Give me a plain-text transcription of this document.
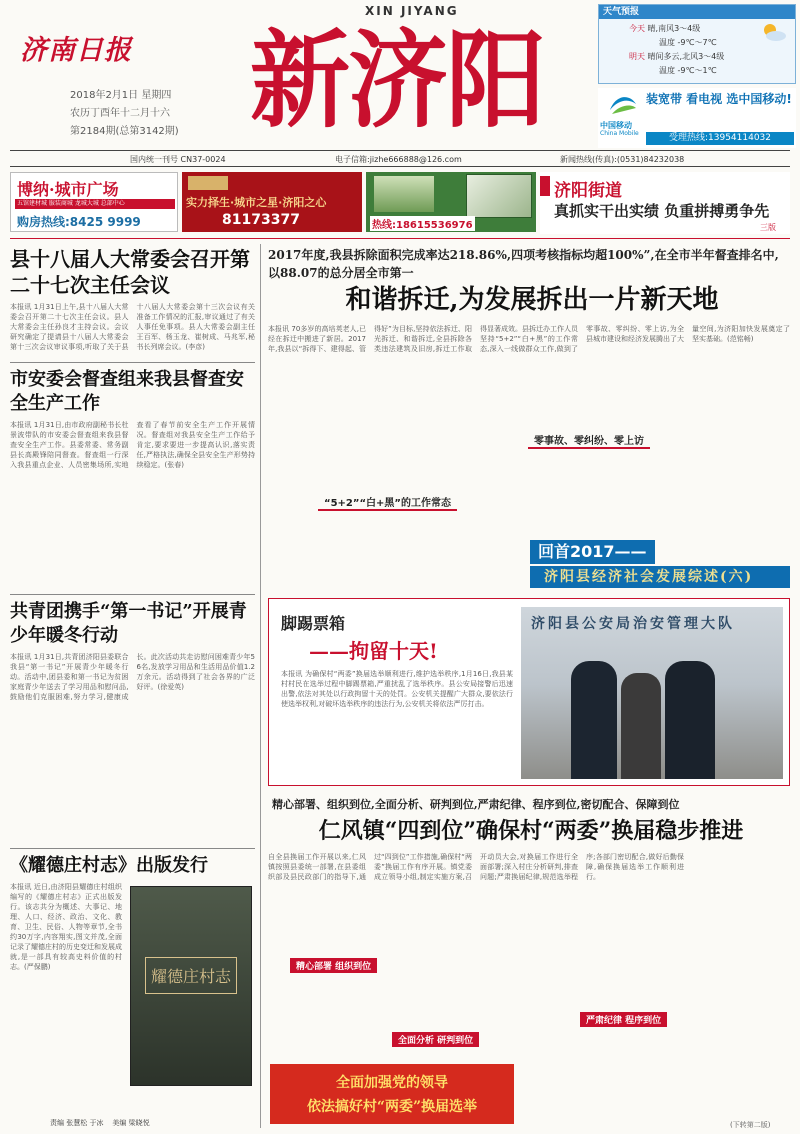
济南日报
2018年2月1日 星期四
农历丁酉年十二月十六
第2184期(总第3142期)
XIN JIYANG
新济阳
天气预报
今天 晴,南风3～4级
温度 -9℃～7℃
明天 晴间多云,北风3～4级
温度 -9℃～1℃
中国移动
China Mobile
装宽带 看电视 选中国移动!
受理热线:13954114032
国内统一刊号 CN37-0024	电子信箱:jizhe666888@126.com	新闻热线(传真):(0531)84232038
博纳·城市广场
五馆建材城 服装商城 龙城大城 总部中心
购房热线:8425 9999
实力择生·城市之星·济阳之心
81173377	热线:18615536976
济阳街道
真抓实干出实绩 负重拼搏勇争先
三版
县十八届人大常委会召开第二十七次主任会议
本报讯 1月31日上午,县十八届人大常委会召开第二十七次主任会议。县人大常委会主任孙良才主持会议。会议研究确定了提请县十八届人大常委会第十三次会议审议事项,听取了关于县十八届人大常委会第十三次会议有关准备工作情况的汇报,审议通过了有关人事任免事项。县人大常委会副主任王百军、杨玉龙、崔树成、马兆军,秘书长列席会议。(李彦)
市安委会督查组来我县督查安全生产工作
本报讯 1月31日,由市政府副秘书长杜景波带队的市安委会督查组来我县督查安全生产工作。县委常委、常务副县长高殿锋陪同督查。督查组一行深入我县重点企业、人员密集场所,实地查看了春节前安全生产工作开展情况。督查组对我县安全生产工作给予肯定,要求要进一步提高认识,落实责任,严格执法,确保全县安全生产形势持续稳定。(张春)
共青团携手“第一书记”开展青少年暖冬行动
本报讯 1月31日,共青团济阳县委联合我县“第一书记”开展青少年暖冬行动。活动中,团县委和第一书记为贫困家庭青少年送去了学习用品和慰问品,鼓励他们克服困难,努力学习,健康成长。此次活动共走访慰问困难青少年56名,发放学习用品和生活用品价值1.2万余元。活动得到了社会各界的广泛好评。(徐爱英)
《耀德庄村志》出版发行
本报讯 近日,由济阳县耀德庄村组织编写的《耀德庄村志》正式出版发行。该志共分为概述、大事记、地理、人口、经济、政治、文化、教育、卫生、民俗、人物等章节,全书约30万字,内容翔实,图文并茂,全面记录了耀德庄村的历史变迁和发展成就,是一部具有较高史料价值的村志。(严保鹏)	耀德庄村志
责编 张慧松 于冰 美编 梁晓悦
2017年度,我县拆除面积完成率达218.86%,四项考核指标均超100%”,在全市半年督查排名中,以88.07的总分居全市第一
和谐拆迁,为发展拆出一片新天地
本报讯 70多岁的高培英老人,已经在拆迁中搬进了新居。2017年,我县以“拆得下、建得起、管得好”为目标,坚持依法拆迁、阳光拆迁、和谐拆迁,全县拆除各类违法建筑及旧房,拆迁工作取得显著成效。县拆迁办工作人员坚持“5+2”“白+黑”的工作常态,深入一线做群众工作,做到了零事故、零纠纷、零上访,为全县城市建设和经济发展腾出了大量空间,为济阳加快发展奠定了坚实基础。(范铭畅)
“5+2”“白+黑”的工作常态
零事故、零纠纷、零上访
回首2017——
济阳县经济社会发展综述(六)
脚踢票箱
——拘留十天!
本报讯 为确保村“两委”换届选举顺利进行,维护选举秩序,1月16日,我县某村村民在选举过程中脚踢票箱,严重扰乱了选举秩序。县公安局接警后迅速出警,依法对其处以行政拘留十天的处罚。公安机关提醒广大群众,要依法行使选举权利,对破坏选举秩序的违法行为,公安机关将依法严厉打击。
济阳县公安局治安管理大队
精心部署、组织到位,全面分析、研判到位,严肃纪律、程序到位,密切配合、保障到位
仁风镇“四到位”确保村“两委”换届稳步推进
自全县换届工作开展以来,仁风镇按照县委统一部署,在县委组织部及县民政部门的指导下,通过“四到位”工作措施,确保村“两委”换届工作有序开展。镇党委成立领导小组,制定实施方案,召开动员大会,对换届工作进行全面部署;深入村庄分析研判,排查问题;严肃换届纪律,规范选举程序;各部门密切配合,做好后勤保障,确保换届选举工作顺利进行。
精心部署 组织到位
全面分析 研判到位
严肃纪律 程序到位
全面加强党的领导
依法搞好村“两委”换届选举
(下转第二版)
